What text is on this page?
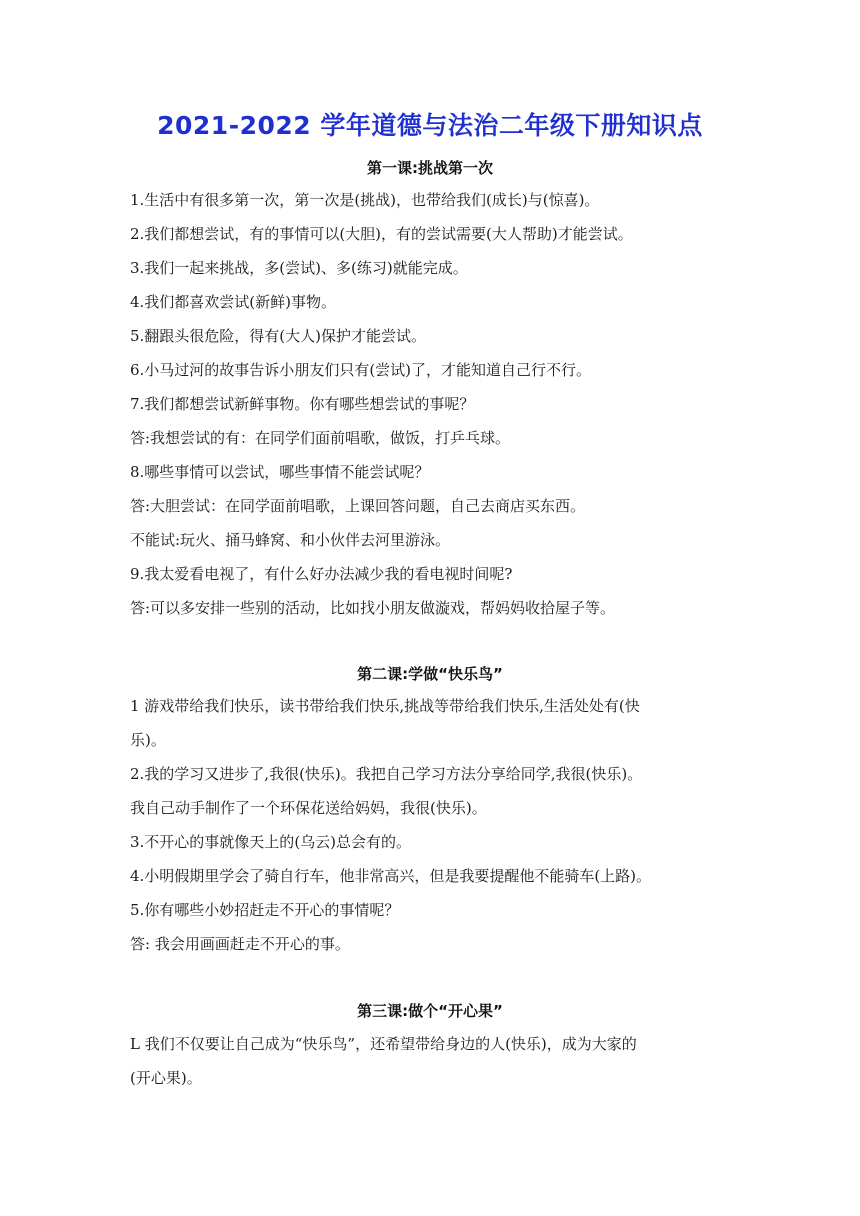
2021-2022 学年道德与法治二年级下册知识点
第一课:挑战第一次
1.生活中有很多第一次，第一次是(挑战)，也带给我们(成长)与(惊喜)。
2.我们都想尝试，有的事情可以(大胆)，有的尝试需要(大人帮助)才能尝试。
3.我们一起来挑战，多(尝试)、多(练习)就能完成。
4.我们都喜欢尝试(新鲜)事物。
5.翻跟头很危险，得有(大人)保护才能尝试。
6.小马过河的故事告诉小朋友们只有(尝试)了，才能知道自己行不行。
7.我们都想尝试新鲜事物。你有哪些想尝试的事呢？
答:我想尝试的有：在同学们面前唱歌，做饭，打乒乓球。
8.哪些事情可以尝试，哪些事情不能尝试呢？
答:大胆尝试：在同学面前唱歌，上课回答问题，自己去商店买东西。
不能试:玩火、捅马蜂窝、和小伙伴去河里游泳。
9.我太爱看电视了，有什么好办法减少我的看电视时间呢?
答:可以多安排一些别的活动，比如找小朋友做漩戏，帮妈妈收拾屋子等。
第二课:学做“快乐鸟”
1 游戏带给我们快乐，读书带给我们快乐,挑战等带给我们快乐,生活处处有(快
乐)。
2.我的学习又进步了,我很(快乐)。我把自己学习方法分享给同学,我很(快乐)。
我自己动手制作了一个环保花送给妈妈，我很(快乐)。
3.不开心的事就像天上的(乌云)总会有的。
4.小明假期里学会了骑自行车，他非常高兴，但是我要提醒他不能骑车(上路)。
5.你有哪些小妙招赶走不开心的事情呢？
答: 我会用画画赶走不开心的事。
第三课:做个“开心果”
L 我们不仅要让自己成为“快乐鸟”，还希望带给身边的人(快乐)，成为大家的
(开心果)。
